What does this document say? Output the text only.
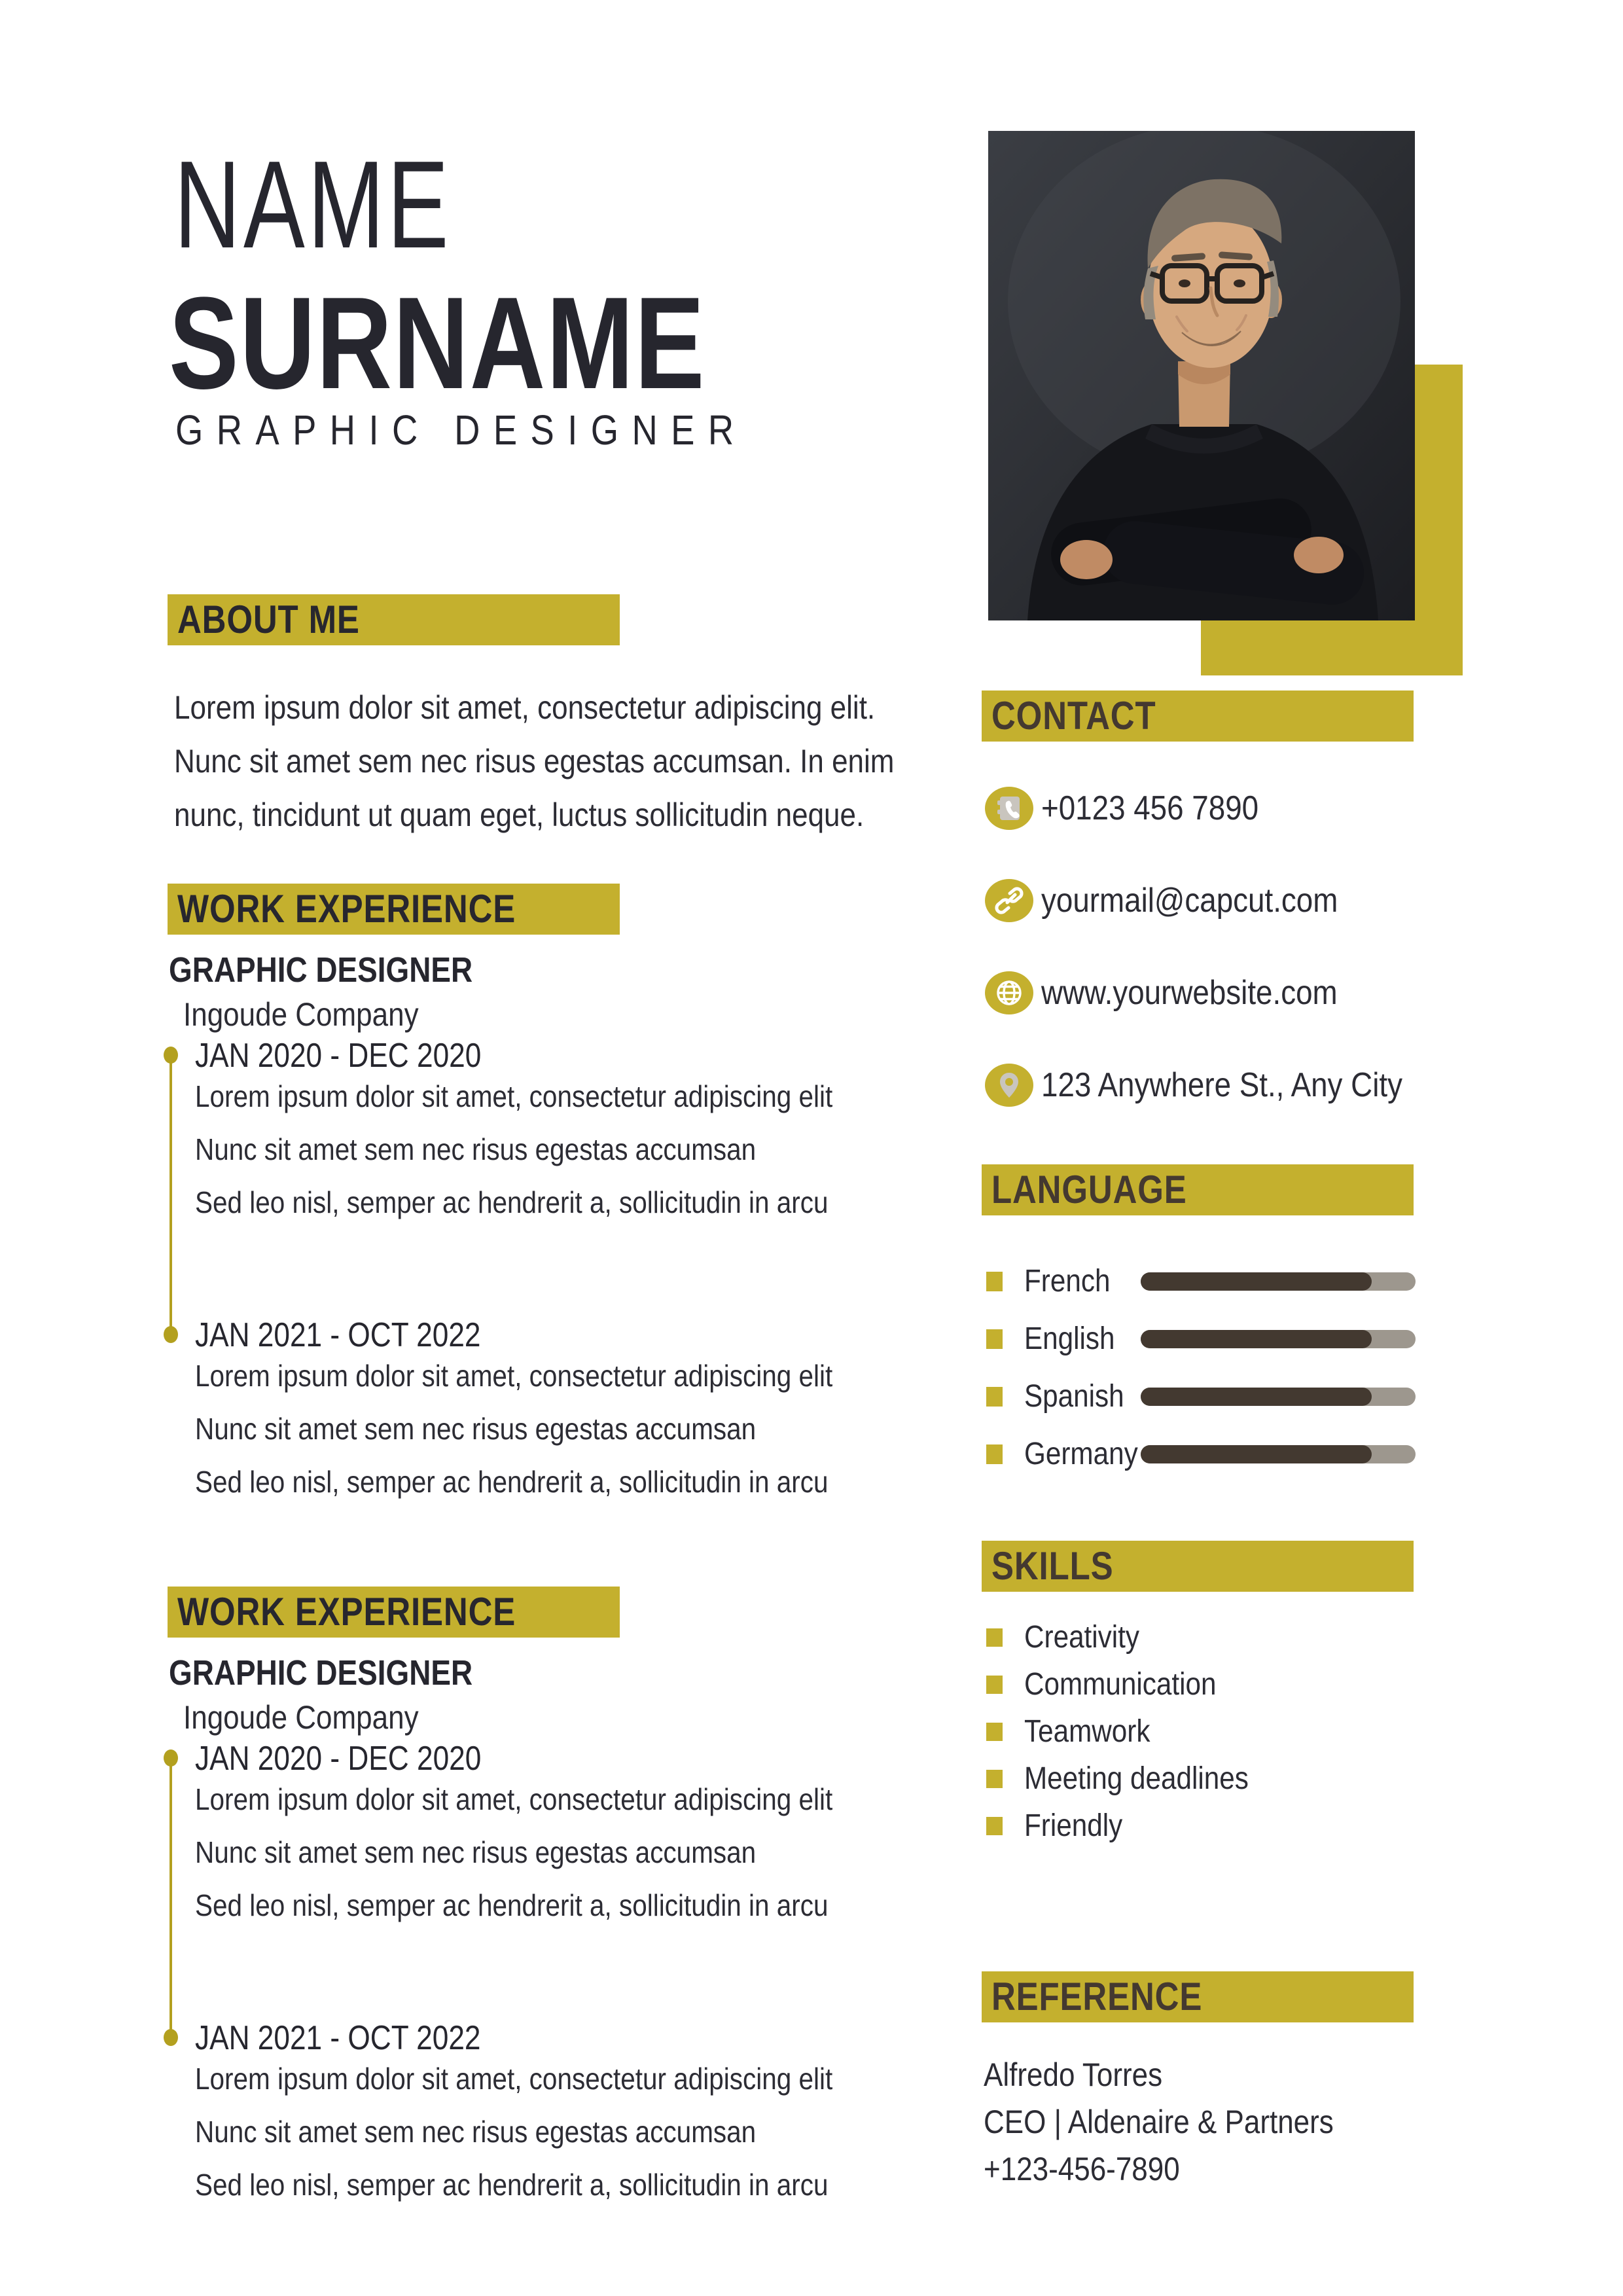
NAME
SURNAME
GRAPHIC DESIGNER
ABOUT ME
Lorem ipsum dolor sit amet, consectetur adipiscing elit.
Nunc sit amet sem nec risus egestas accumsan. In enim
nunc, tincidunt ut quam eget, luctus sollicitudin neque.
WORK EXPERIENCE
GRAPHIC DESIGNER
Ingoude Company
JAN 2020 - DEC 2020
Lorem ipsum dolor sit amet, consectetur adipiscing elit
Nunc sit amet sem nec risus egestas accumsan
Sed leo nisl, semper ac hendrerit a, sollicitudin in arcu
JAN 2021 - OCT 2022
Lorem ipsum dolor sit amet, consectetur adipiscing elit
Nunc sit amet sem nec risus egestas accumsan
Sed leo nisl, semper ac hendrerit a, sollicitudin in arcu
WORK EXPERIENCE
GRAPHIC DESIGNER
Ingoude Company
JAN 2020 - DEC 2020
Lorem ipsum dolor sit amet, consectetur adipiscing elit
Nunc sit amet sem nec risus egestas accumsan
Sed leo nisl, semper ac hendrerit a, sollicitudin in arcu
JAN 2021 - OCT 2022
Lorem ipsum dolor sit amet, consectetur adipiscing elit
Nunc sit amet sem nec risus egestas accumsan
Sed leo nisl, semper ac hendrerit a, sollicitudin in arcu
CONTACT
+0123 456 7890
yourmail@capcut.com
www.yourwebsite.com
123 Anywhere St., Any City
LANGUAGE
French
English
Spanish
Germany
SKILLS
Creativity
Communication
Teamwork
Meeting deadlines
Friendly
REFERENCE
Alfredo Torres
CEO | Aldenaire & Partners
+123-456-7890
